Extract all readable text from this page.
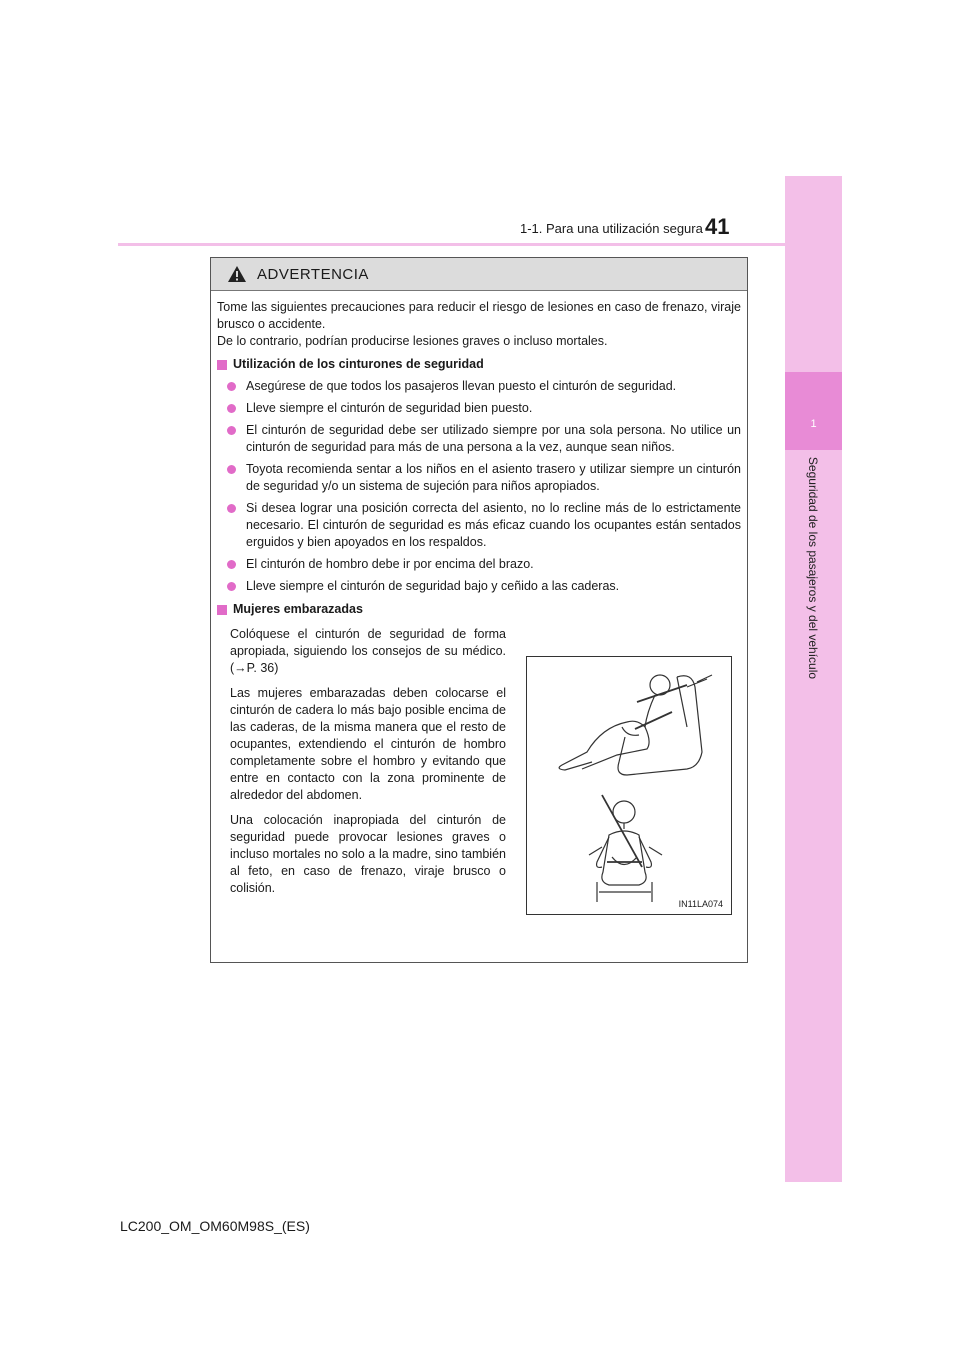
1
Seguridad de los pasajeros y del vehículo
1-1. Para una utilización segura 41
ADVERTENCIA

Tome las siguientes precauciones para reducir el riesgo de lesiones en caso de frenazo, viraje brusco o accidente.

De lo contrario, podrían producirse lesiones graves o incluso mortales.

Utilización de los cinturones de seguridad
Asegúrese de que todos los pasajeros llevan puesto el cinturón de seguridad.
Lleve siempre el cinturón de seguridad bien puesto.
El cinturón de seguridad debe ser utilizado siempre por una sola persona. No utilice un cinturón de seguridad para más de una persona a la vez, aunque sean niños.
Toyota recomienda sentar a los niños en el asiento trasero y utilizar siempre un cinturón de seguridad y/o un sistema de sujeción para niños apropiados.
Si desea lograr una posición correcta del asiento, no lo recline más de lo estrictamente necesario. El cinturón de seguridad es más eficaz cuando los ocupantes están sentados erguidos y bien apoyados en los respaldos.
El cinturón de hombro debe ir por encima del brazo.
Lleve siempre el cinturón de seguridad bajo y ceñido a las caderas.
Mujeres embarazadas

Colóquese el cinturón de seguridad de forma apropiada, siguiendo los consejos de su médico. (→P. 36)

Las mujeres embarazadas deben colocarse el cinturón de cadera lo más bajo posible encima de las caderas, de la misma manera que el resto de ocupantes, extendiendo el cinturón de hombro completamente sobre el hombro y evitando que entre en contacto con la zona prominente de alrededor del abdomen.

Una colocación inapropiada del cinturón de seguridad puede provocar lesiones graves o incluso mortales no solo a la madre, sino también al feto, en caso de frenazo, viraje brusco o colisión.

IN11LA074
LC200_OM_OM60M98S_(ES)
